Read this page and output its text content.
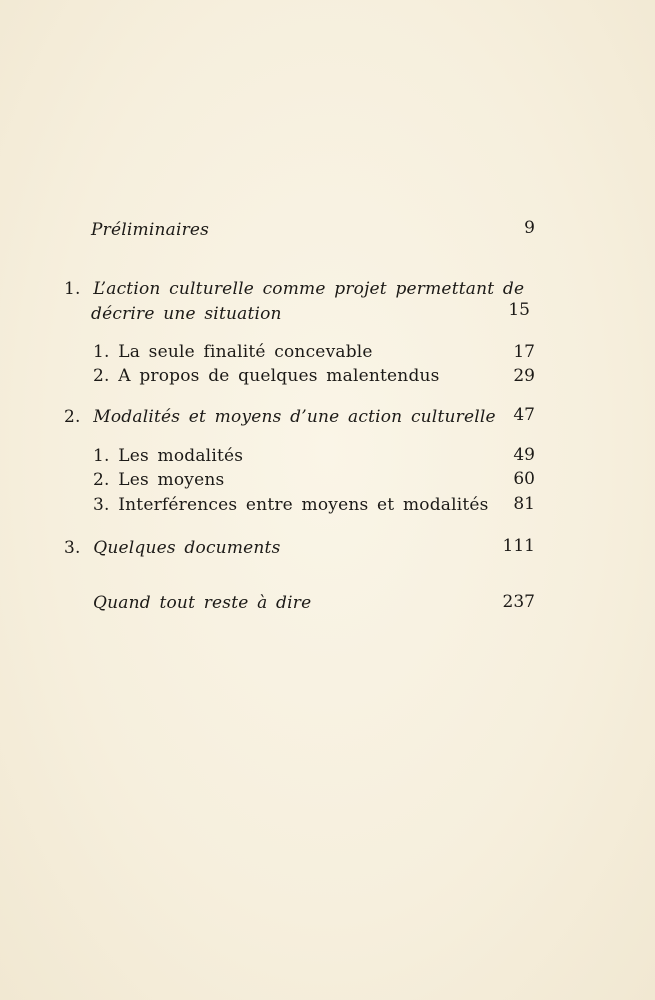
Préliminaires	9
1. L’action culturelle comme projet permettant de
décrire une situation	15
1. La seule finalité concevable	17
2. A propos de quelques malentendus	29
2. Modalités et moyens d’une action culturelle 47
1. Les modalités	49
2. Les moyens	60
3. Interférences entre moyens et modalités 81
3. Quelques documents	111
Quand tout reste à dire	237
